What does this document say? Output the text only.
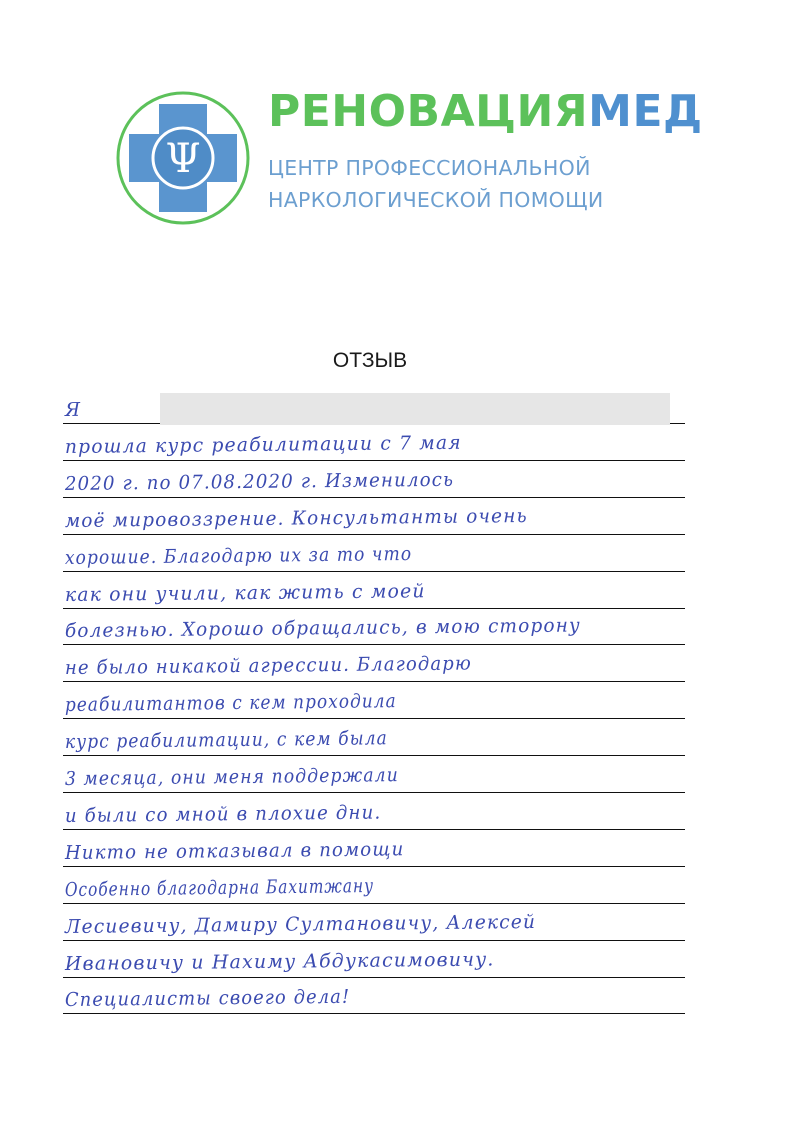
Ψ
РЕНОВАЦИЯМЕД
ЦЕНТР ПРОФЕССИОНАЛЬНОЙ
НАРКОЛОГИЧЕСКОЙ ПОМОЩИ
ОТЗЫВ
Я
прошла курс реабилитации с 7 мая
2020 г. по 07.08.2020 г. Изменилось
моё мировоззрение. Консультанты очень
хорошие. Благодарю их за то что
как они учили, как жить с моей
болезнью. Хорошо обращались, в мою сторону
не было никакой агрессии. Благодарю
реабилитантов с кем проходила
курс реабилитации, с кем была
3 месяца, они меня поддержали
и были со мной в плохие дни.
Никто не отказывал в помощи
Особенно благодарна Бахитжану
Лесиевичу, Дамиру Султановичу, Алексей
Ивановичу и Нахиму Абдукасимовичу.
Специалисты своего дела!
